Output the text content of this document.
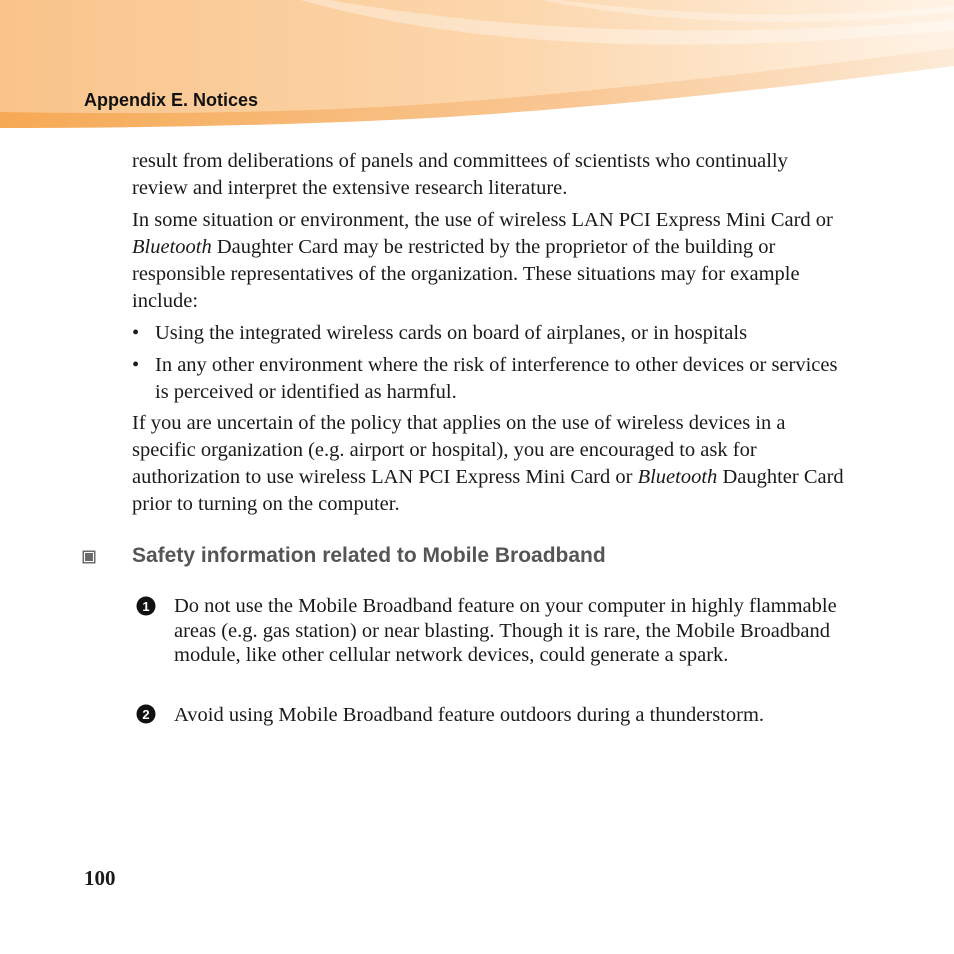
Appendix E. Notices

result from deliberations of panels and committees of scientists who continually review and interpret the extensive research literature.

In some situation or environment, the use of wireless LAN PCI Express Mini Card or Bluetooth Daughter Card may be restricted by the proprietor of the building or responsible representatives of the organization. These situations may for example include:

• Using the integrated wireless cards on board of airplanes, or in hospitals
• In any other environment where the risk of interference to other devices or services is perceived or identified as harmful.

If you are uncertain of the policy that applies on the use of wireless devices in a specific organization (e.g. airport or hospital), you are encouraged to ask for authorization to use wireless LAN PCI Express Mini Card or Bluetooth Daughter Card prior to turning on the computer.

Safety information related to Mobile Broadband
1 Do not use the Mobile Broadband feature on your computer in highly flammable areas (e.g. gas station) or near blasting. Though it is rare, the Mobile Broadband module, like other cellular network devices, could generate a spark.

2 Avoid using Mobile Broadband feature outdoors during a thunderstorm.

100
